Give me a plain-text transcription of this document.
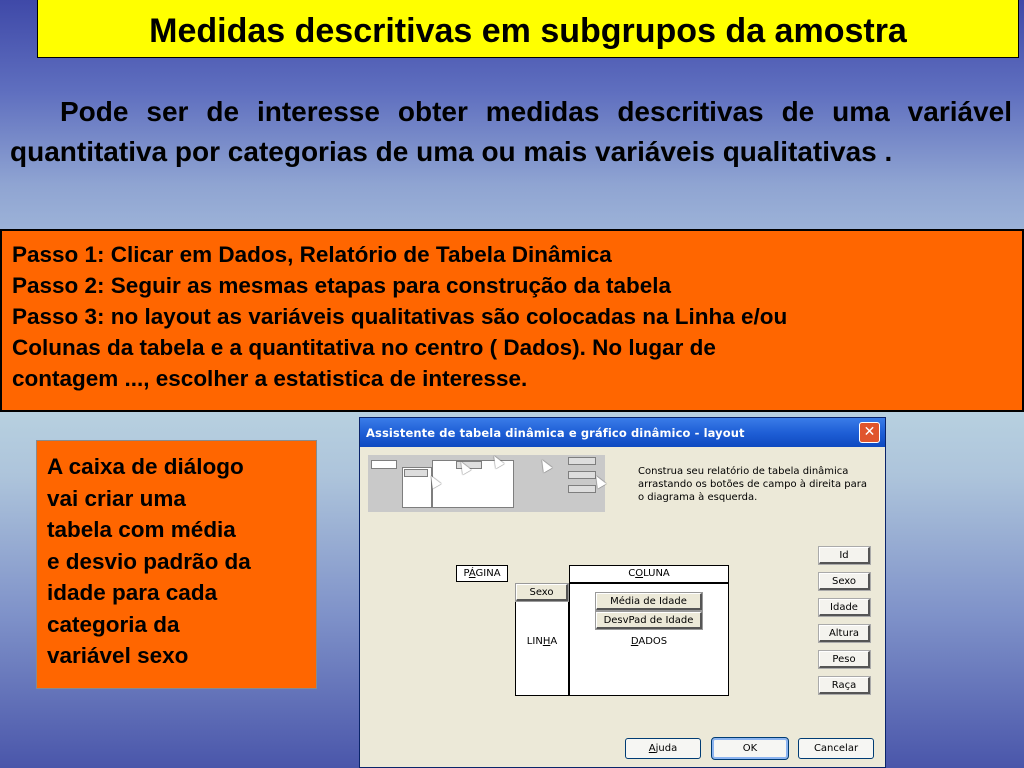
Medidas descritivas em subgrupos da amostra

Pode ser de interesse obter medidas descritivas de uma variável quantitativa por categorias de uma ou mais variáveis qualitativas .

Passo 1: Clicar em Dados, Relatório de Tabela Dinâmica

Passo 2: Seguir as mesmas etapas para construção da tabela

Passo 3: no layout as variáveis qualitativas são colocadas na Linha e/ou

Colunas da tabela e a quantitativa no centro ( Dados). No lugar de

contagem ..., escolher a estatistica de interesse.

A caixa de diálogo

vai criar uma

tabela com média

e desvio padrão da

idade para cada

categoria da

variável sexo

Assistente de tabela dinâmica e gráfico dinâmico - layout	✕
Construa seu relatório de tabela dinâmica arrastando os botões de campo à direita para o diagrama à esquerda.
PÁGINA	COLUNA
LINHA
Sexo
DADOS
Média de Idade
DesvPad de Idade
Id
Sexo
Idade
Altura
Peso
Raça
Ajuda	OK	Cancelar
